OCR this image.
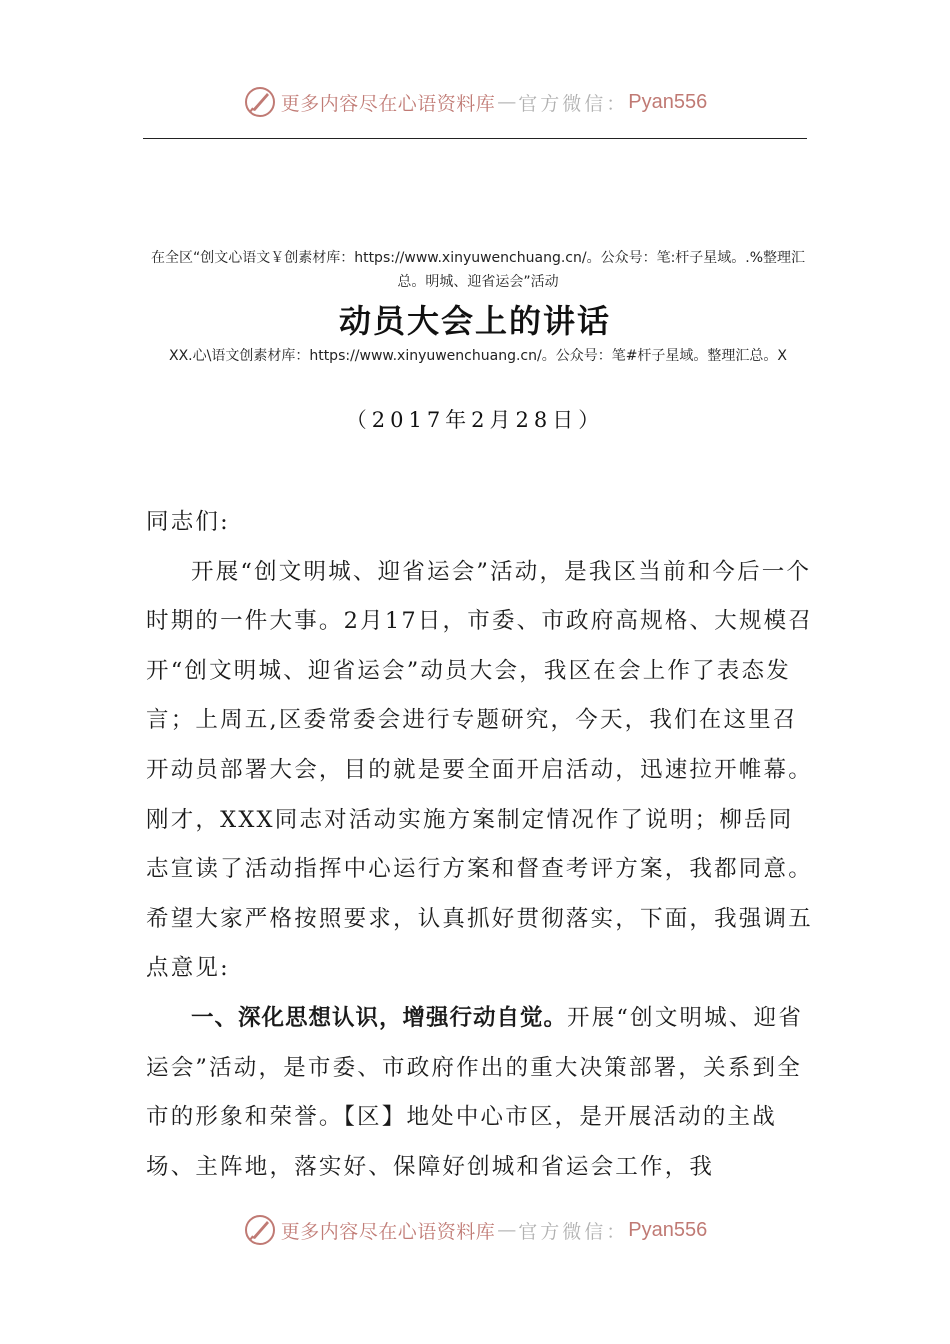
更多内容尽在心语资料库 — 官方微信： Pyan556
在全区“创文心语文￥创素材库：https://www.xinyuwenchuang.cn/。公众号：笔:杆子星域。.%整理汇总。明城、迎省运会”活动
动员大会上的讲话
XX.心\语文创素材库：https://www.xinyuwenchuang.cn/。公众号：笔#杆子星域。整理汇总。X
（2017年2月28日）

同志们:

开展“创文明城、迎省运会”活动，是我区当前和今后一个时期的一件大事。2月17日，市委、市政府高规格、大规模召开“创文明城、迎省运会”动员大会，我区在会上作了表态发言；上周五,区委常委会进行专题研究，今天，我们在这里召开动员部署大会，目的就是要全面开启活动，迅速拉开帷幕。刚才，XXX同志对活动实施方案制定情况作了说明；柳岳同志宣读了活动指挥中心运行方案和督查考评方案，我都同意。希望大家严格按照要求，认真抓好贯彻落实，下面，我强调五点意见:

一、深化思想认识，增强行动自觉。开展“创文明城、迎省运会”活动，是市委、市政府作出的重大决策部署，关系到全市的形象和荣誉。【区】地处中心市区，是开展活动的主战场、主阵地，落实好、保障好创城和省运会工作，我

更多内容尽在心语资料库 — 官方微信： Pyan556
